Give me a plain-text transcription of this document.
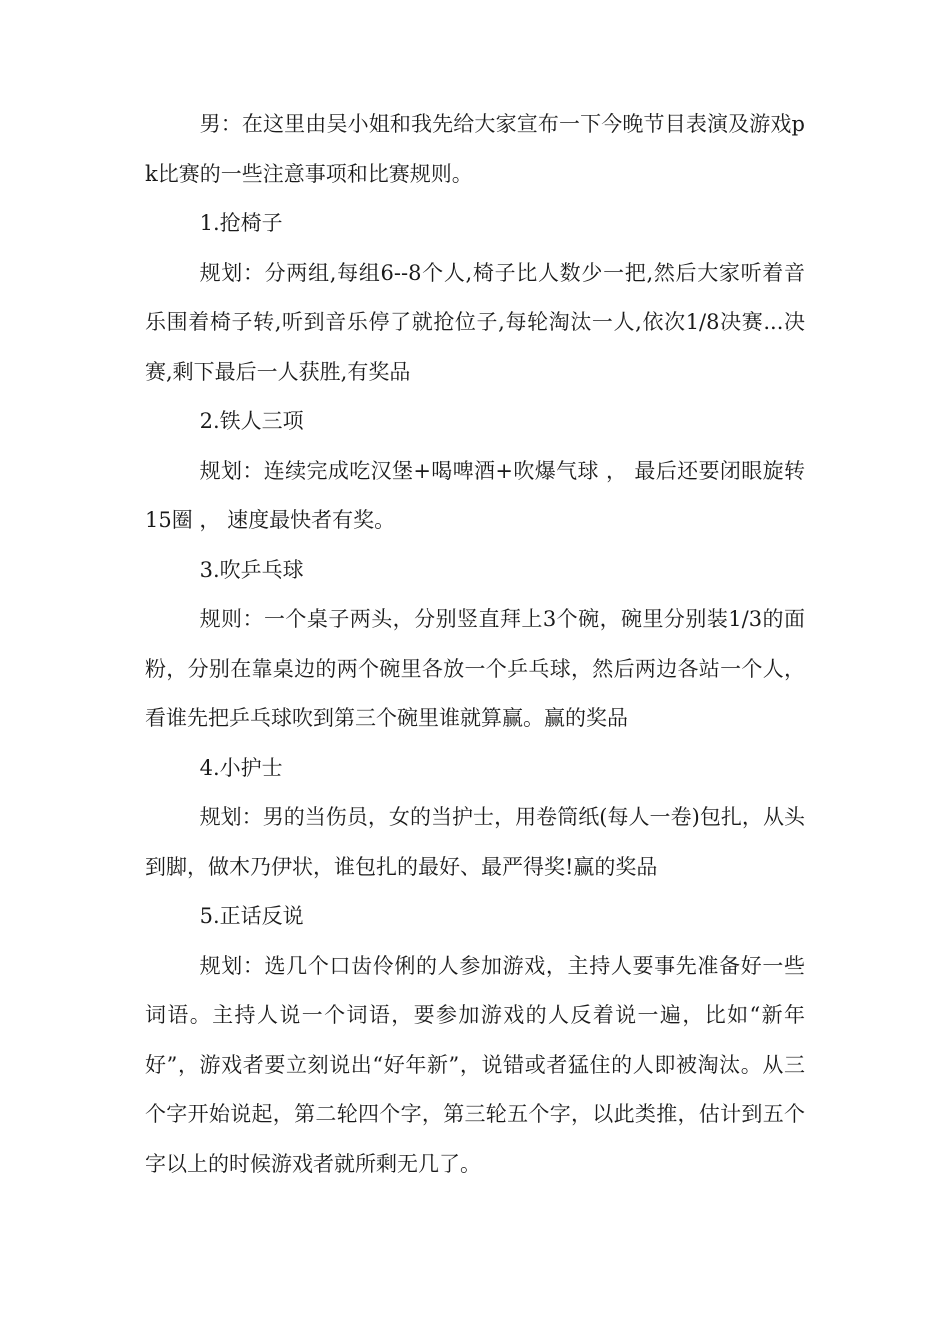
男：在这里由吴小姐和我先给大家宣布一下今晚节目表演及游戏pk比赛的一些注意事项和比赛规则。

1.抢椅子

规划：分两组,每组6--8个人,椅子比人数少一把,然后大家听着音乐围着椅子转,听到音乐停了就抢位子,每轮淘汰一人,依次1/8决赛...决赛,剩下最后一人获胜,有奖品

2.铁人三项

规划：连续完成吃汉堡+喝啤酒+吹爆气球 ， 最后还要闭眼旋转15圈 ， 速度最快者有奖。

3.吹乒乓球

规则：一个桌子两头，分别竖直拜上3个碗，碗里分别装1/3的面粉，分别在靠桌边的两个碗里各放一个乒乓球，然后两边各站一个人，看谁先把乒乓球吹到第三个碗里谁就算赢。赢的奖品

4.小护士

规划：男的当伤员，女的当护士，用卷筒纸(每人一卷)包扎，从头到脚，做木乃伊状，谁包扎的最好、最严得奖!赢的奖品

5.正话反说

规划：选几个口齿伶俐的人参加游戏，主持人要事先准备好一些词语。主持人说一个词语，要参加游戏的人反着说一遍，比如“新年好”，游戏者要立刻说出“好年新”，说错或者猛住的人即被淘汰。从三个字开始说起，第二轮四个字，第三轮五个字，以此类推，估计到五个字以上的时候游戏者就所剩无几了。
